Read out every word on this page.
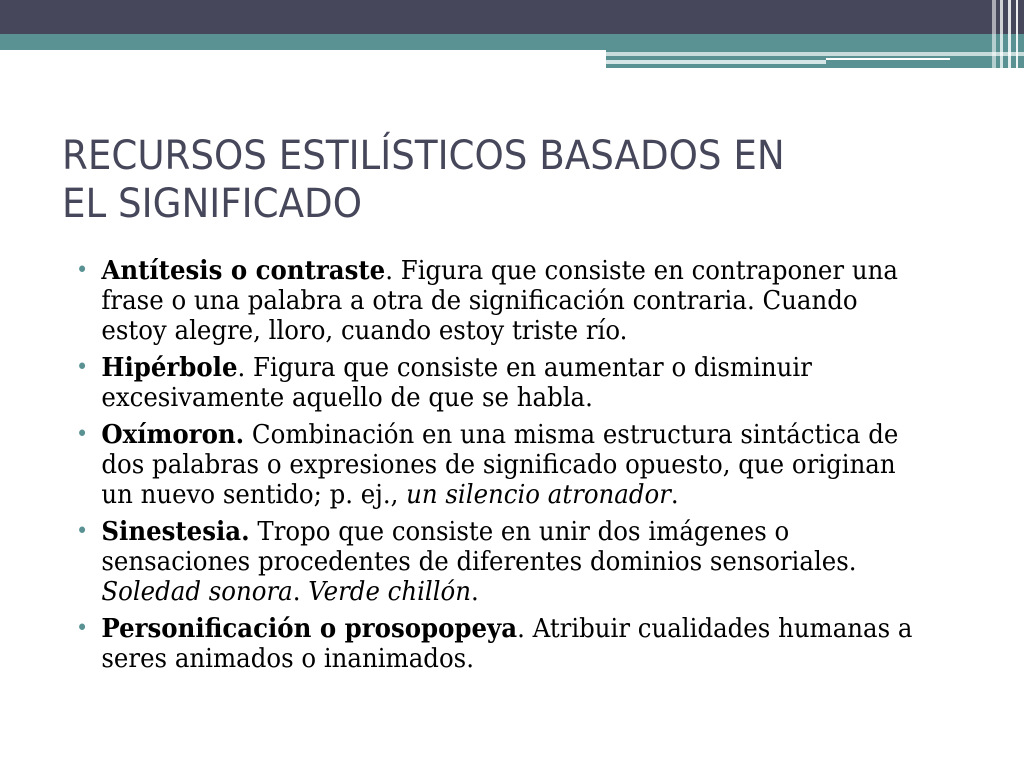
RECURSOS ESTILÍSTICOS BASADOS EN
EL SIGNIFICADO
• Antítesis o contraste. Figura que consiste en contraponer una frase o una palabra a otra de significación contraria. Cuando estoy alegre, lloro, cuando estoy triste río.
• Hipérbole. Figura que consiste en aumentar o disminuir excesivamente aquello de que se habla.
• Oxímoron. Combinación en una misma estructura sintáctica de dos palabras o expresiones de significado opuesto, que originan un nuevo sentido; p. ej., un silencio atronador.
• Sinestesia. Tropo que consiste en unir dos imágenes o sensaciones procedentes de diferentes dominios sensoriales. Soledad sonora. Verde chillón.
• Personificación o prosopopeya. Atribuir cualidades humanas a seres animados o inanimados.
